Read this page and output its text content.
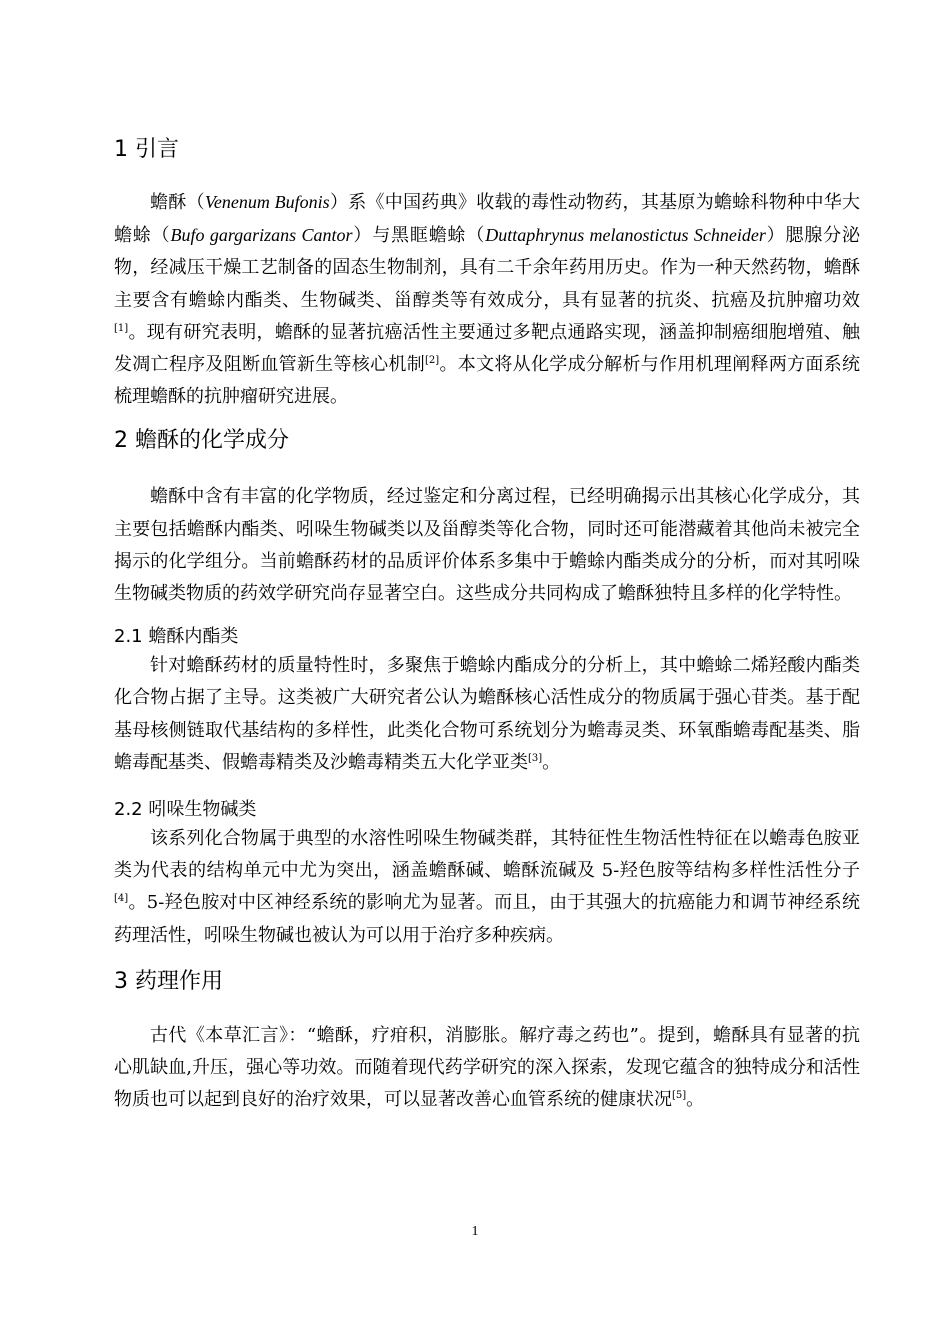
1 引言

蟾酥（Venenum Bufonis）系《中国药典》收载的毒性动物药，其基原为蟾蜍科物种中华大蟾蜍（Bufo gargarizans Cantor）与黑眶蟾蜍（Duttaphrynus melanostictus Schneider）腮腺分泌物，经减压干燥工艺制备的固态生物制剂，具有二千余年药用历史。作为一种天然药物，蟾酥主要含有蟾蜍内酯类、生物碱类、甾醇类等有效成分，具有显著的抗炎、抗癌及抗肿瘤功效[1]。现有研究表明，蟾酥的显著抗癌活性主要通过多靶点通路实现，涵盖抑制癌细胞增殖、触发凋亡程序及阻断血管新生等核心机制[2]。本文将从化学成分解析与作用机理阐释两方面系统梳理蟾酥的抗肿瘤研究进展。

2 蟾酥的化学成分

蟾酥中含有丰富的化学物质，经过鉴定和分离过程，已经明确揭示出其核心化学成分，其主要包括蟾酥内酯类、吲哚生物碱类以及甾醇类等化合物，同时还可能潜藏着其他尚未被完全揭示的化学组分。当前蟾酥药材的品质评价体系多集中于蟾蜍内酯类成分的分析，而对其吲哚生物碱类物质的药效学研究尚存显著空白。这些成分共同构成了蟾酥独特且多样的化学特性。

2.1 蟾酥内酯类

针对蟾酥药材的质量特性时，多聚焦于蟾蜍内酯成分的分析上，其中蟾蜍二烯羟酸内酯类化合物占据了主导。这类被广大研究者公认为蟾酥核心活性成分的物质属于强心苷类。基于配基母核侧链取代基结构的多样性，此类化合物可系统划分为蟾毒灵类、环氧酯蟾毒配基类、脂蟾毒配基类、假蟾毒精类及沙蟾毒精类五大化学亚类[3]。

2.2 吲哚生物碱类

该系列化合物属于典型的水溶性吲哚生物碱类群，其特征性生物活性特征在以蟾毒色胺亚类为代表的结构单元中尤为突出，涵盖蟾酥碱、蟾酥流碱及 5-羟色胺等结构多样性活性分子[4]。5-羟色胺对中区神经系统的影响尤为显著。而且，由于其强大的抗癌能力和调节神经系统药理活性，吲哚生物碱也被认为可以用于治疗多种疾病。

3 药理作用

古代《本草汇言》：“蟾酥，疗疳积，消膨胀。解疗毒之药也”。提到，蟾酥具有显著的抗心肌缺血,升压，强心等功效。而随着现代药学研究的深入探索，发现它蕴含的独特成分和活性物质也可以起到良好的治疗效果，可以显著改善心血管系统的健康状况[5]。

1
